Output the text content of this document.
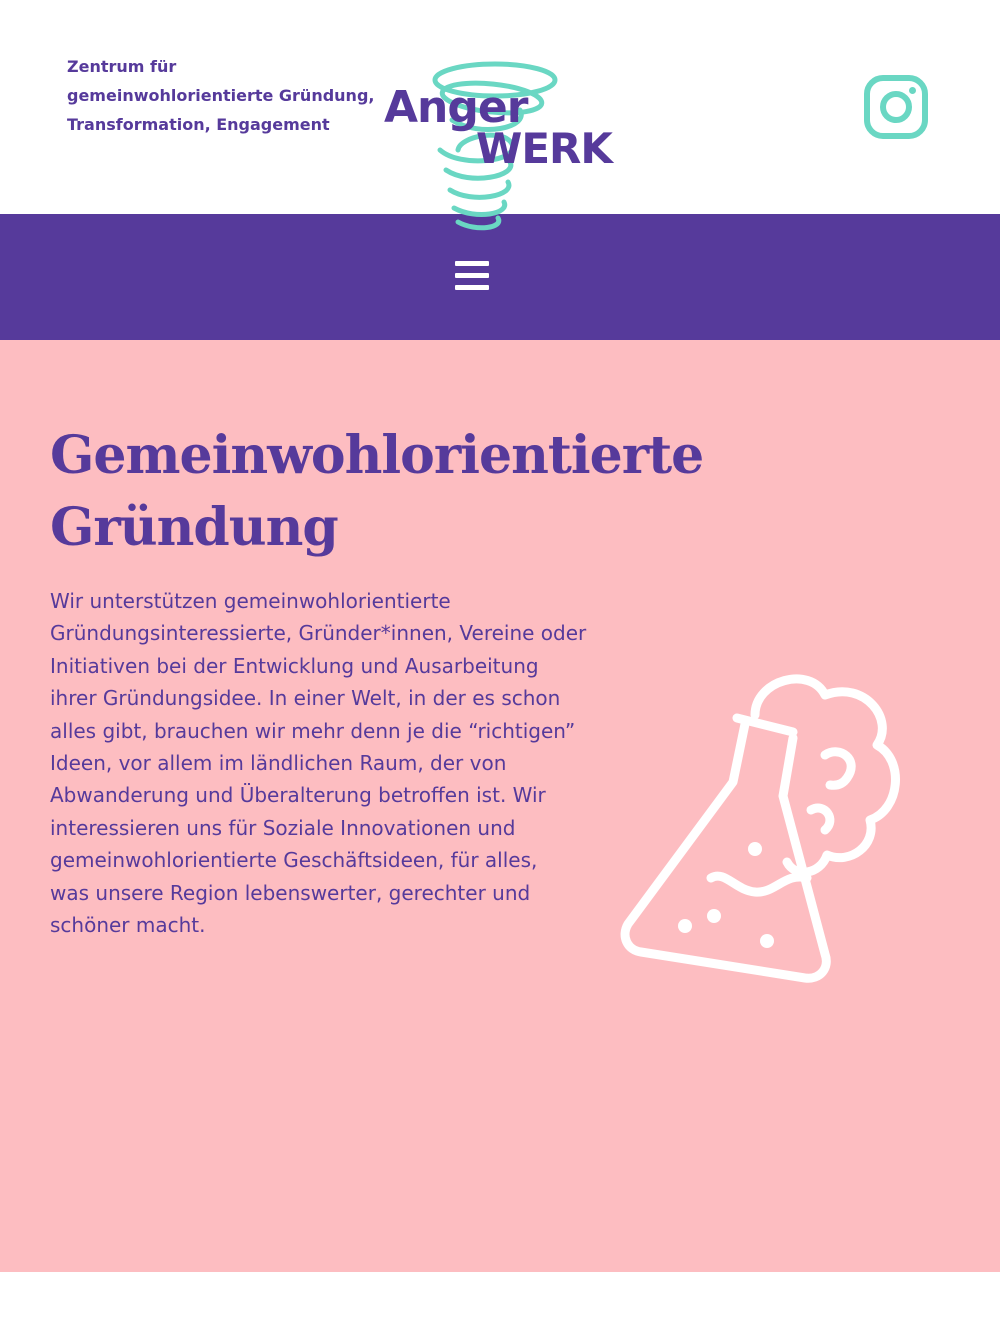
Zentrum für
gemeinwohlorientierte Gründung,
Transformation, Engagement	Anger
WERK
Gemeinwohlorientierte
Gründung
Wir unterstützen gemeinwohlorientierte
Gründungsinteressierte, Gründer*innen, Vereine oder
Initiativen bei der Entwicklung und Ausarbeitung
ihrer Gründungsidee. In einer Welt, in der es schon
alles gibt, brauchen wir mehr denn je die “richtigen”
Ideen, vor allem im ländlichen Raum, der von
Abwanderung und Überalterung betroffen ist. Wir
interessieren uns für Soziale Innovationen und
gemeinwohlorientierte Geschäftsideen, für alles,
was unsere Region lebenswerter, gerechter und
schöner macht.
